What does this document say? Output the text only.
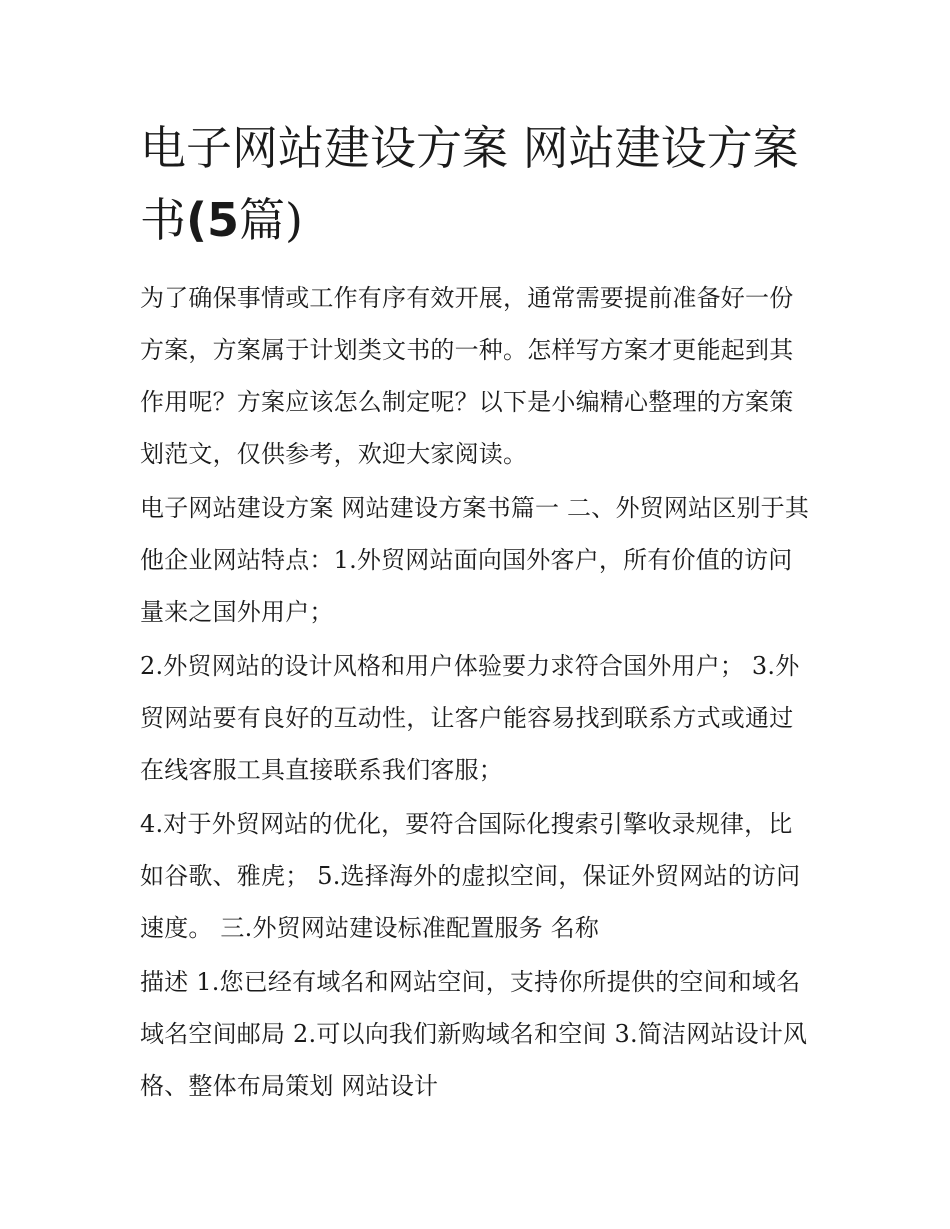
电子网站建设方案 网站建设方案书(5篇)

为了确保事情或工作有序有效开展，通常需要提前准备好一份方案，方案属于计划类文书的一种。怎样写方案才更能起到其作用呢？方案应该怎么制定呢？以下是小编精心整理的方案策划范文，仅供参考，欢迎大家阅读。

电子网站建设方案 网站建设方案书篇一 二、外贸网站区别于其他企业网站特点：1.外贸网站面向国外客户，所有价值的访问量来之国外用户；

2.外贸网站的设计风格和用户体验要力求符合国外用户； 3.外贸网站要有良好的互动性，让客户能容易找到联系方式或通过在线客服工具直接联系我们客服；

4.对于外贸网站的优化，要符合国际化搜索引擎收录规律，比如谷歌、雅虎； 5.选择海外的虚拟空间，保证外贸网站的访问速度。 三.外贸网站建设标准配置服务 名称

描述 1.您已经有域名和网站空间，支持你所提供的空间和域名域名空间邮局 2.可以向我们新购域名和空间 3.简洁网站设计风格、整体布局策划 网站设计
